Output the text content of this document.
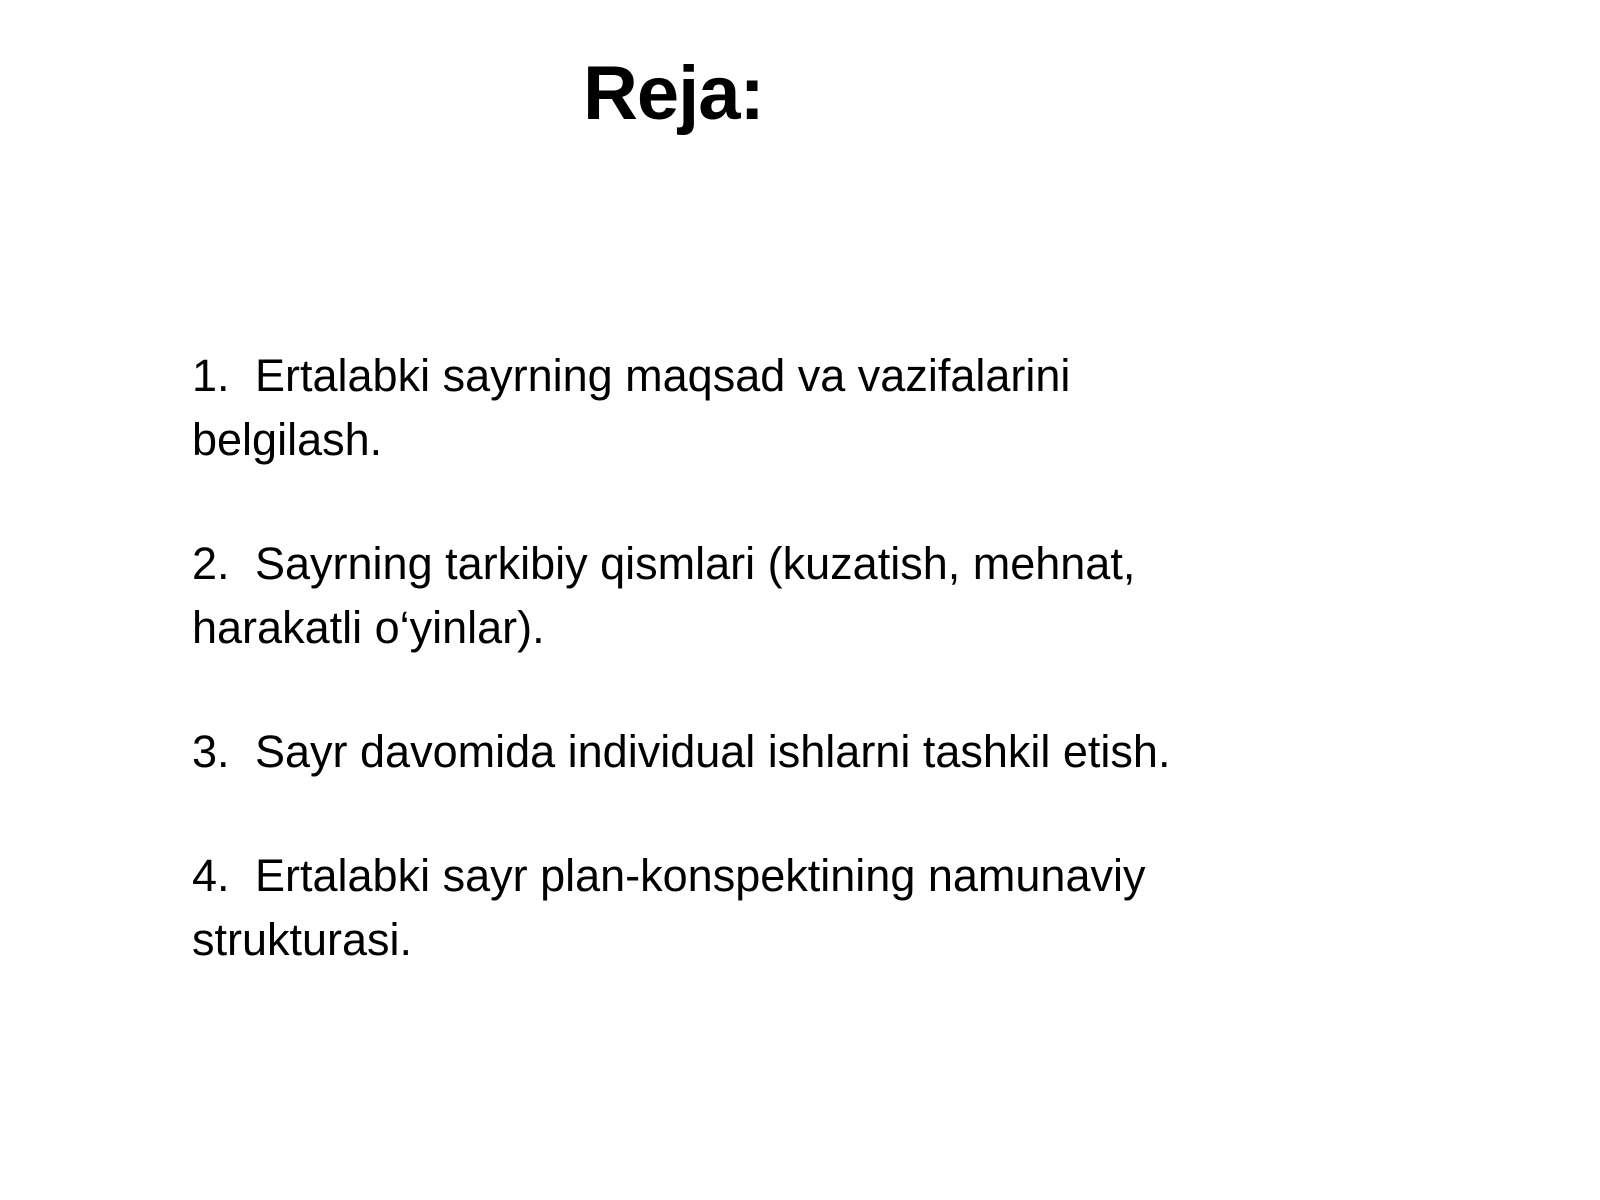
Reja:
1. Ertalabki sayrning maqsad va vazifalarini belgilash.
2. Sayrning tarkibiy qismlari (kuzatish, mehnat, harakatli o‘yinlar).
3. Sayr davomida individual ishlarni tashkil etish.
4. Ertalabki sayr plan-konspektining namunaviy strukturasi.
